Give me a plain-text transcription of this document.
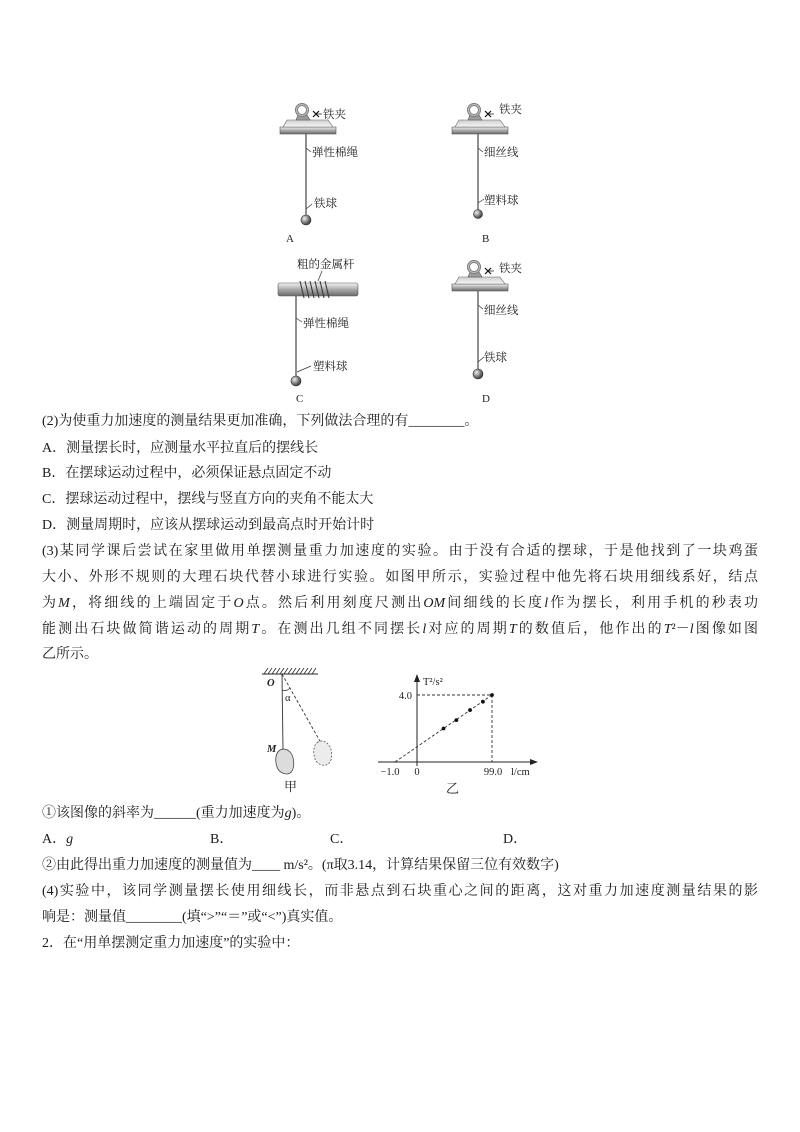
铁夹
弹性棉绳
铁球
A
铁夹
细丝线
塑料球
B
粗的金属杆
弹性棉绳
塑料球
C
铁夹
细丝线
铁球
D
(2)为使重力加速度的测量结果更加准确，下列做法合理的有________。
A．测量摆长时，应测量水平拉直后的摆线长
B．在摆球运动过程中，必须保证悬点固定不动
C．摆球运动过程中，摆线与竖直方向的夹角不能太大
D．测量周期时，应该从摆球运动到最高点时开始计时
(3)某同学课后尝试在家里做用单摆测量重力加速度的实验。由于没有合适的摆球，于是他找到了一块鸡蛋
大小、外形不规则的大理石块代替小球进行实验。如图甲所示，实验过程中他先将石块用细线系好，结点
为M，将细线的上端固定于O点。然后利用刻度尺测出OM间细线的长度l作为摆长，利用手机的秒表功
能测出石块做简谐运动的周期T。在测出几组不同摆长l对应的周期T的数值后，他作出的T²－l图像如图
乙所示。
O
α
M
甲
T²/s²
4.0
−1.0 0	99.0 l/cm
乙
①该图像的斜率为______(重力加速度为g)。
A．g	B．	C．	D．
②由此得出重力加速度的测量值为____ m/s²。(π取3.14，计算结果保留三位有效数字)
(4)实验中，该同学测量摆长使用细线长，而非悬点到石块重心之间的距离，这对重力加速度测量结果的影
响是：测量值________(填“>”“＝”或“<”)真实值。
2．在“用单摆测定重力加速度”的实验中：
